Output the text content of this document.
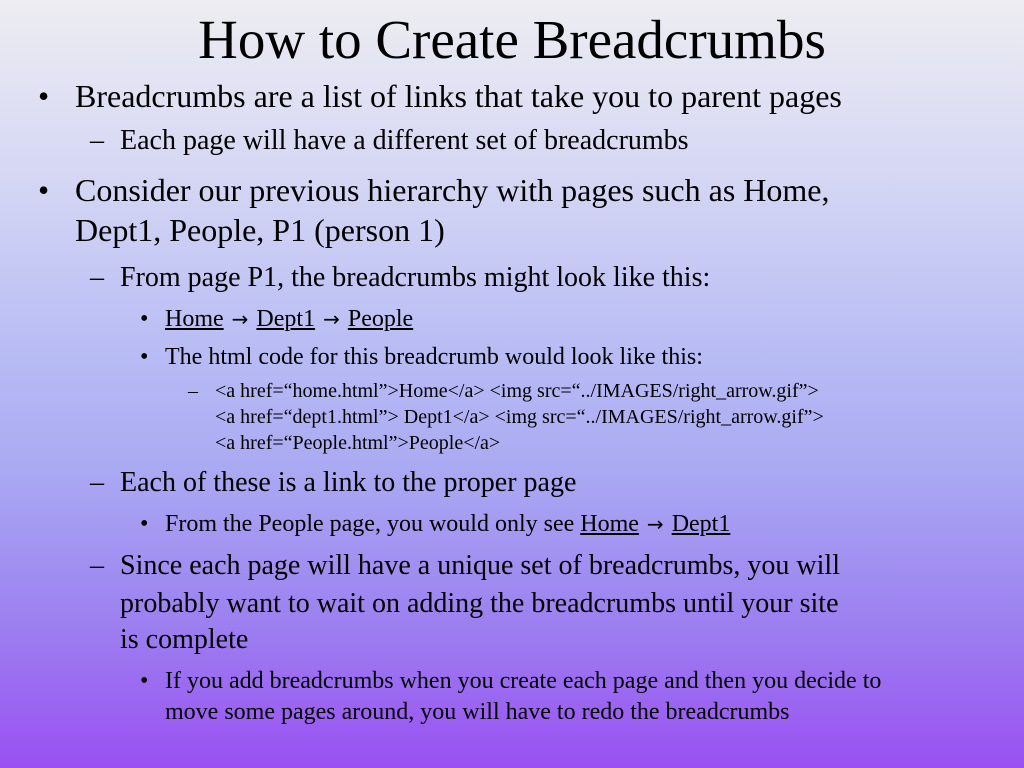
How to Create Breadcrumbs
• Breadcrumbs are a list of links that take you to parent pages
– Each page will have a different set of breadcrumbs
• Consider our previous hierarchy with pages such as Home,
Dept1, People, P1 (person 1)
– From page P1, the breadcrumbs might look like this:
• Home → Dept1 → People
• The html code for this breadcrumb would look like this:
– <a href=“home.html”>Home</a> <img src=“../IMAGES/right_arrow.gif”>
<a href=“dept1.html”> Dept1</a> <img src=“../IMAGES/right_arrow.gif”>
<a href=“People.html”>People</a>
– Each of these is a link to the proper page
• From the People page, you would only see Home → Dept1
– Since each page will have a unique set of breadcrumbs, you will
probably want to wait on adding the breadcrumbs until your site
is complete
• If you add breadcrumbs when you create each page and then you decide to
move some pages around, you will have to redo the breadcrumbs
